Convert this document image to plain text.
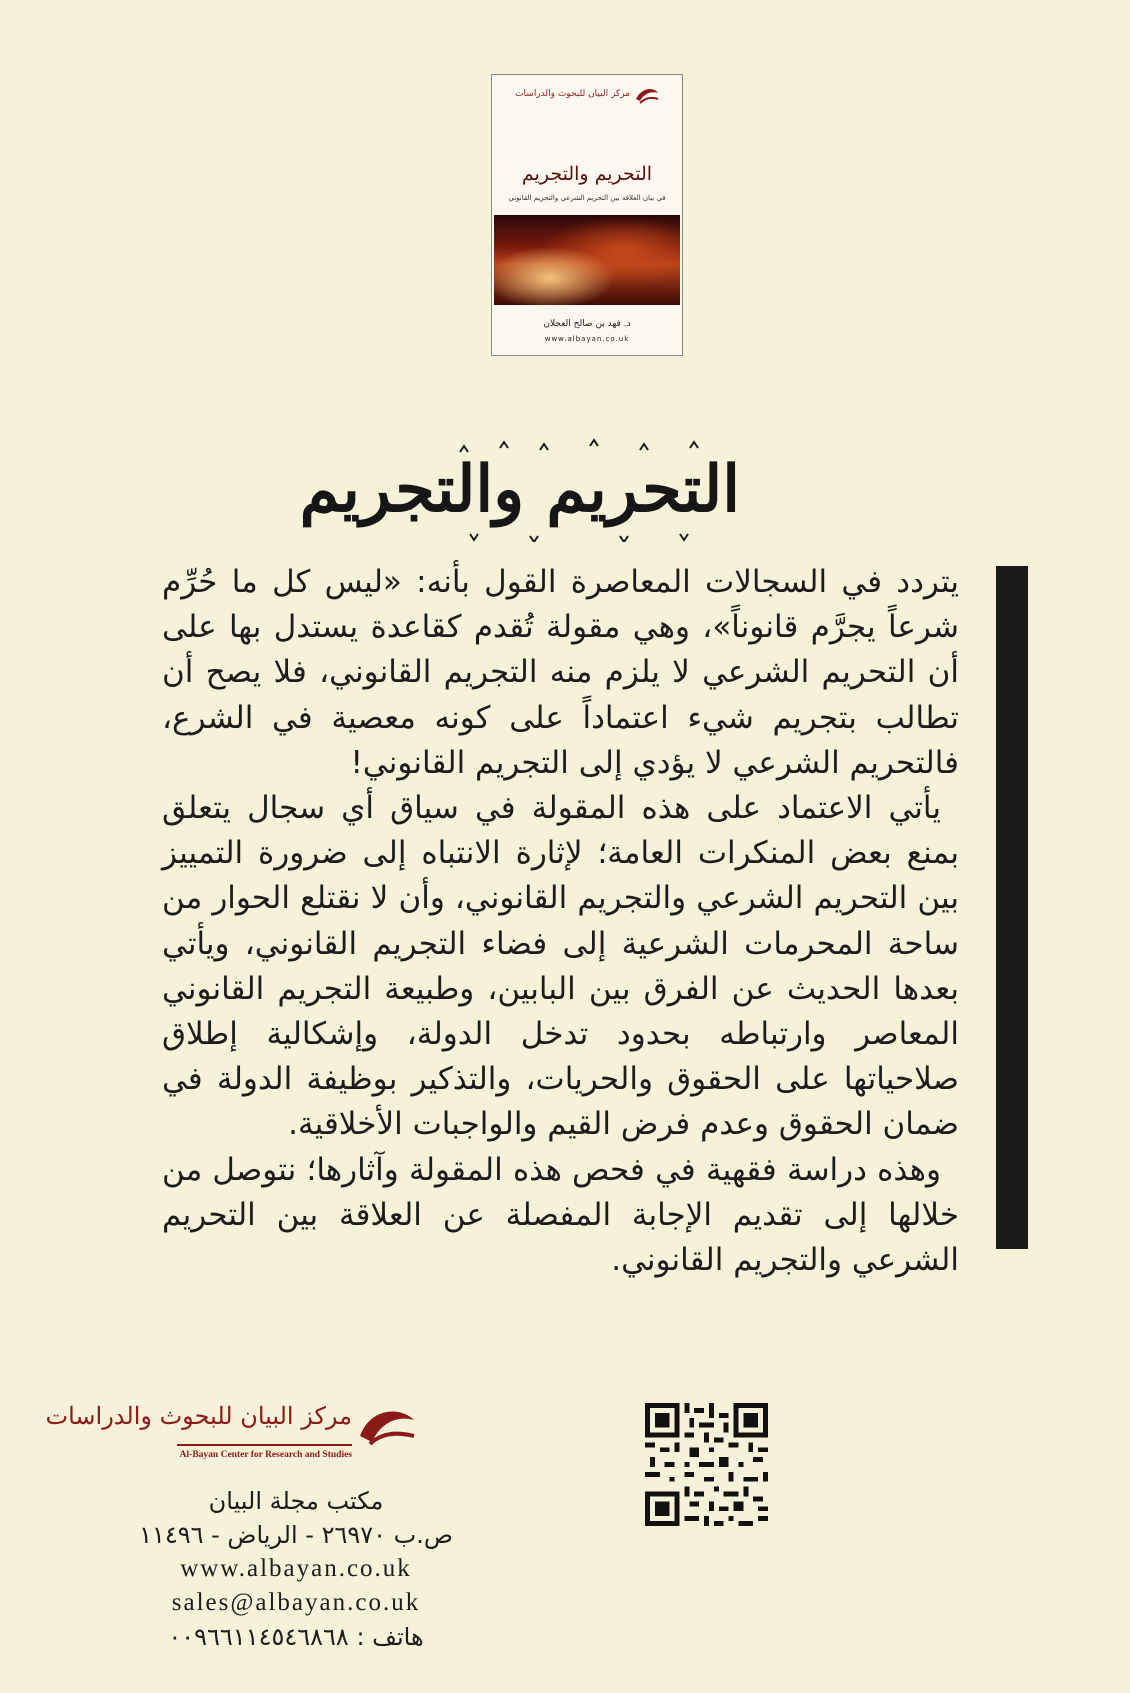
مركز البيان للبحوث والدراسات
التحريم والتجريم
في بيان العلاقة بين التحريم الشرعي والتجريم القانوني
د. فهد بن صالح العجلان
www.albayan.co.uk
التحريم والتجريم

يتردد في السجالات المعاصرة القول بأنه: «ليس كل ما حُرِّم شرعاً يجرَّم قانوناً»، وهي مقولة تُقدم كقاعدة يستدل بها على أن التحريم الشرعي لا يلزم منه التجريم القانوني، فلا يصح أن تطالب بتجريم شيء اعتماداً على كونه معصية في الشرع، فالتحريم الشرعي لا يؤدي إلى التجريم القانوني!

يأتي الاعتماد على هذه المقولة في سياق أي سجال يتعلق بمنع بعض المنكرات العامة؛ لإثارة الانتباه إلى ضرورة التمييز بين التحريم الشرعي والتجريم القانوني، وأن لا نقتلع الحوار من ساحة المحرمات الشرعية إلى فضاء التجريم القانوني، ويأتي بعدها الحديث عن الفرق بين البابين، وطبيعة التجريم القانوني المعاصر وارتباطه بحدود تدخل الدولة، وإشكالية إطلاق صلاحياتها على الحقوق والحريات، والتذكير بوظيفة الدولة في ضمان الحقوق وعدم فرض القيم والواجبات الأخلاقية.

وهذه دراسة فقهية في فحص هذه المقولة وآثارها؛ نتوصل من خلالها إلى تقديم الإجابة المفصلة عن العلاقة بين التحريم الشرعي والتجريم القانوني.

مركز البيان للبحوث والدراسات
Al-Bayan Center for Research and Studies
مكتب مجلة البيان
ص.ب ٢٦٩٧٠ - الرياض - ١١٤٩٦
www.albayan.co.uk
sales@albayan.co.uk
هاتف : ٠٠٩٦٦١١٤٥٤٦٨٦٨
